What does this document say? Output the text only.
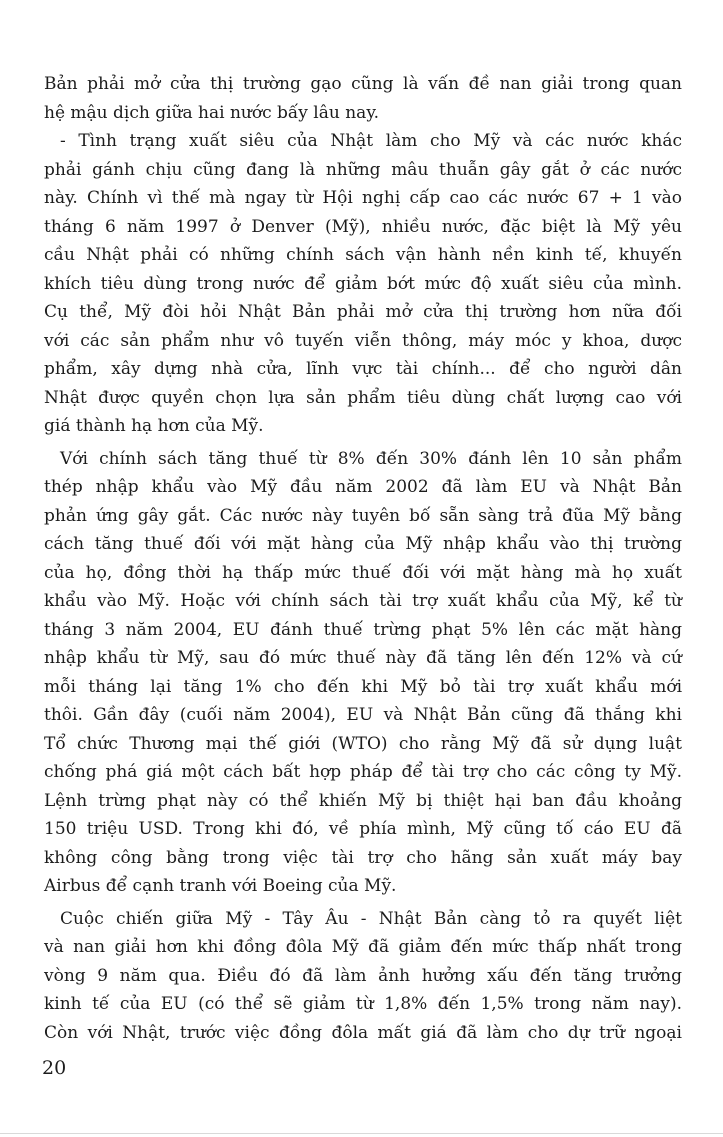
Bản phải mở cửa thị trường gạo cũng là vấn đề nan giải trong quan
hệ mậu dịch giữa hai nước bấy lâu nay.
- Tình trạng xuất siêu của Nhật làm cho Mỹ và các nước khác
phải gánh chịu cũng đang là những mâu thuẫn gây gắt ở các nước
này. Chính vì thế mà ngay từ Hội nghị cấp cao các nước 67 + 1 vào
tháng 6 năm 1997 ở Denver (Mỹ), nhiều nước, đặc biệt là Mỹ yêu
cầu Nhật phải có những chính sách vận hành nền kinh tế, khuyến
khích tiêu dùng trong nước để giảm bớt mức độ xuất siêu của mình.
Cụ thể, Mỹ đòi hỏi Nhật Bản phải mở cửa thị trường hơn nữa đối
với các sản phẩm như vô tuyến viễn thông, máy móc y khoa, dược
phẩm, xây dựng nhà cửa, lĩnh vực tài chính... để cho người dân
Nhật được quyền chọn lựa sản phẩm tiêu dùng chất lượng cao với
giá thành hạ hơn của Mỹ.
Với chính sách tăng thuế từ 8% đến 30% đánh lên 10 sản phẩm
thép nhập khẩu vào Mỹ đầu năm 2002 đã làm EU và Nhật Bản
phản ứng gây gắt. Các nước này tuyên bố sẵn sàng trả đũa Mỹ bằng
cách tăng thuế đối với mặt hàng của Mỹ nhập khẩu vào thị trường
của họ, đồng thời hạ thấp mức thuế đối với mặt hàng mà họ xuất
khẩu vào Mỹ. Hoặc với chính sách tài trợ xuất khẩu của Mỹ, kể từ
tháng 3 năm 2004, EU đánh thuế trừng phạt 5% lên các mặt hàng
nhập khẩu từ Mỹ, sau đó mức thuế này đã tăng lên đến 12% và cứ
mỗi tháng lại tăng 1% cho đến khi Mỹ bỏ tài trợ xuất khẩu mới
thôi. Gần đây (cuối năm 2004), EU và Nhật Bản cũng đã thắng khi
Tổ chức Thương mại thế giới (WTO) cho rằng Mỹ đã sử dụng luật
chống phá giá một cách bất hợp pháp để tài trợ cho các công ty Mỹ.
Lệnh trừng phạt này có thể khiến Mỹ bị thiệt hại ban đầu khoảng
150 triệu USD. Trong khi đó, về phía mình, Mỹ cũng tố cáo EU đã
không công bằng trong việc tài trợ cho hãng sản xuất máy bay
Airbus để cạnh tranh với Boeing của Mỹ.
Cuộc chiến giữa Mỹ - Tây Âu - Nhật Bản càng tỏ ra quyết liệt
và nan giải hơn khi đồng đôla Mỹ đã giảm đến mức thấp nhất trong
vòng 9 năm qua. Điều đó đã làm ảnh hưởng xấu đến tăng trưởng
kinh tế của EU (có thể sẽ giảm từ 1,8% đến 1,5% trong năm nay).
Còn với Nhật, trước việc đồng đôla mất giá đã làm cho dự trữ ngoại
20
